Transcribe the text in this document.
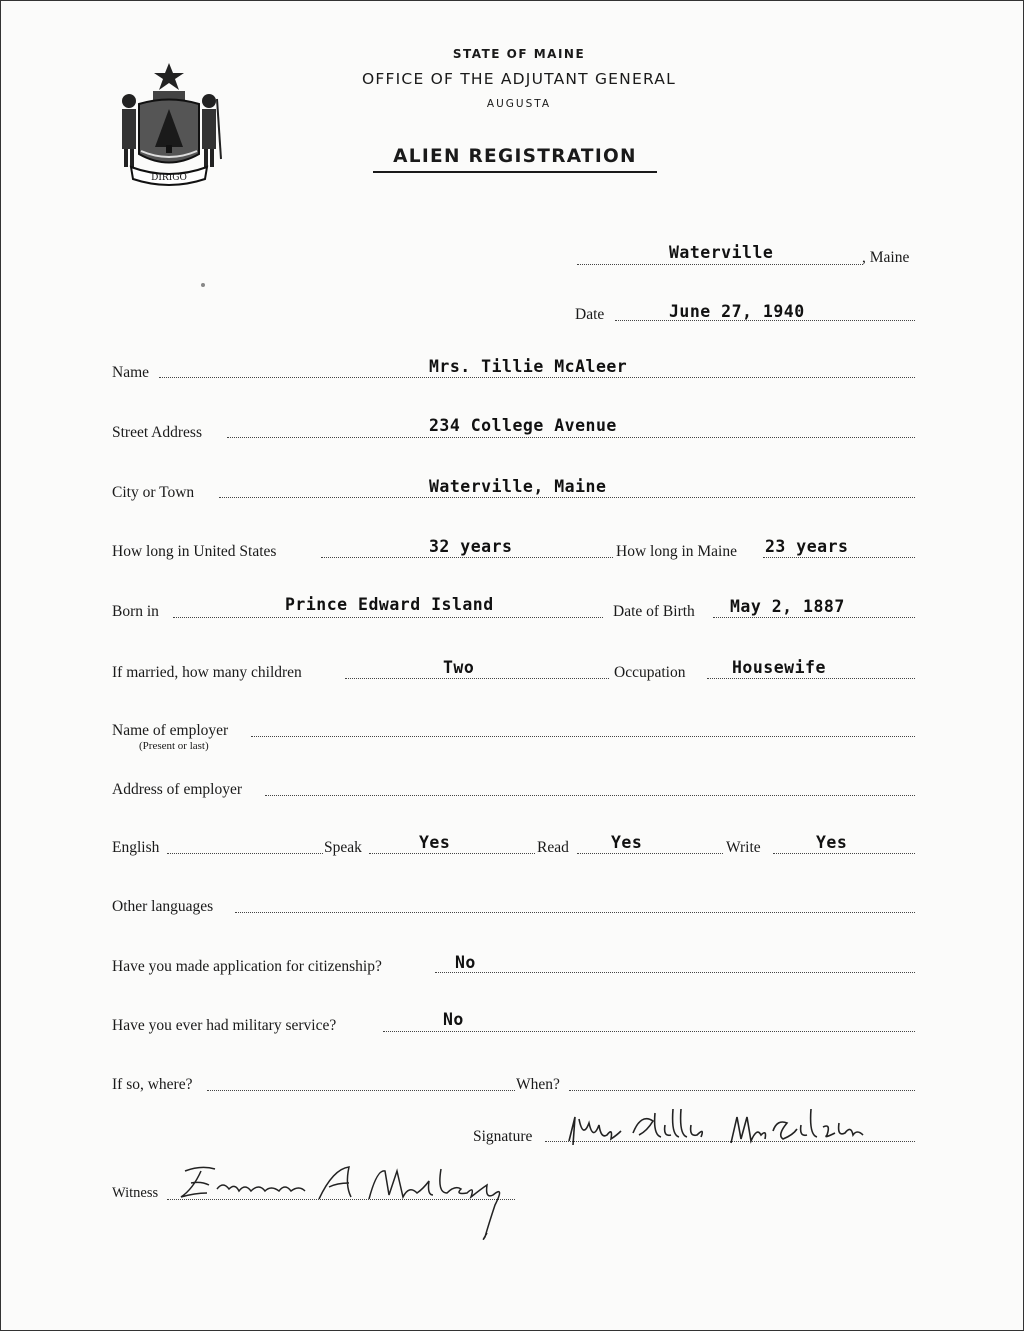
DIRIGO
STATE OF MAINE
OFFICE OF THE ADJUTANT GENERAL
AUGUSTA
ALIEN REGISTRATION
Waterville	, Maine
Date	June 27, 1940
Name	Mrs. Tillie McAleer
Street Address	234 College Avenue
City or Town	Waterville, Maine
How long in United States	32 years	How long in Maine 23 years
Born in	Prince Edward Island	Date of Birth May 2, 1887
If married, how many children	Two	Occupation	Housewife
Name of employer
(Present or last)
Address of employer
English	Speak	Yes	Read	Yes	Write	Yes
Other languages
Have you made application for citizenship?	No
Have you ever had military service?	No
If so, where?	When?
Signature
Witness
